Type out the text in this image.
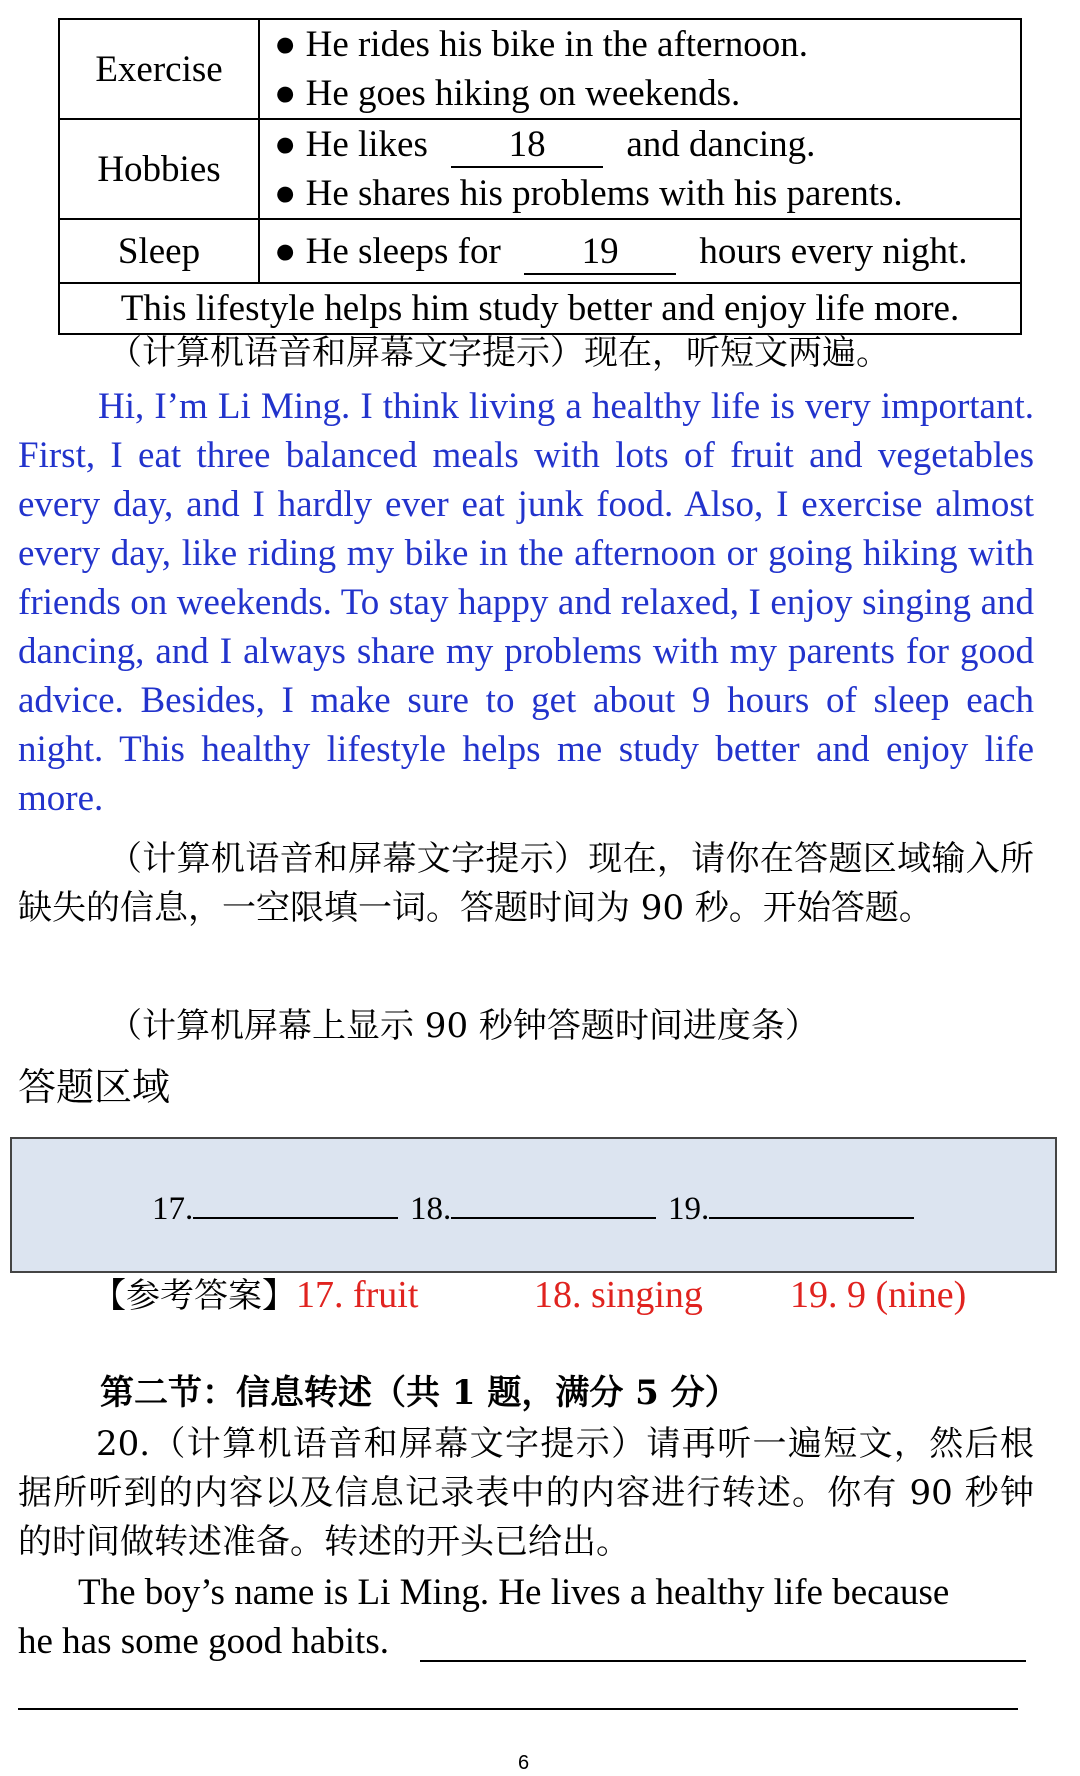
Exercise	● He rides his bike in the afternoon.
● He goes hiking on weekends.

Hobbies	● He likes 18 and dancing.
● He shares his problems with his parents.

Sleep	● He sleeps for 19 hours every night.

This lifestyle helps him study better and enjoy life more.	
（计算机语音和屏幕文字提示）现在，听短文两遍。
Hi, I’m Li Ming. I think living a healthy life is very important. First, I eat three balanced meals with lots of fruit and vegetables every day, and I hardly ever eat junk food. Also, I exercise almost every day, like riding my bike in the afternoon or going hiking with friends on weekends. To stay happy and relaxed, I enjoy singing and dancing, and I always share my problems with my parents for good advice. Besides, I make sure to get about 9 hours of sleep each night. This healthy lifestyle helps me study better and enjoy life more.
（计算机语音和屏幕文字提示）现在，请你在答题区域输入所缺失的信息，一空限填一词。答题时间为 90 秒。开始答题。
（计算机屏幕上显示 90 秒钟答题时间进度条）
答题区域
17.	18.	19.
【参考答案】17. fruit	18. singing 19. 9 (nine)
第二节：信息转述（共 1 题，满分 5 分）
20.（计算机语音和屏幕文字提示）请再听一遍短文，然后根据所听到的内容以及信息记录表中的内容进行转述。你有 90 秒钟的时间做转述准备。转述的开头已给出。
The boy’s name is Li Ming. He lives a healthy life because
he has some good habits.
6
